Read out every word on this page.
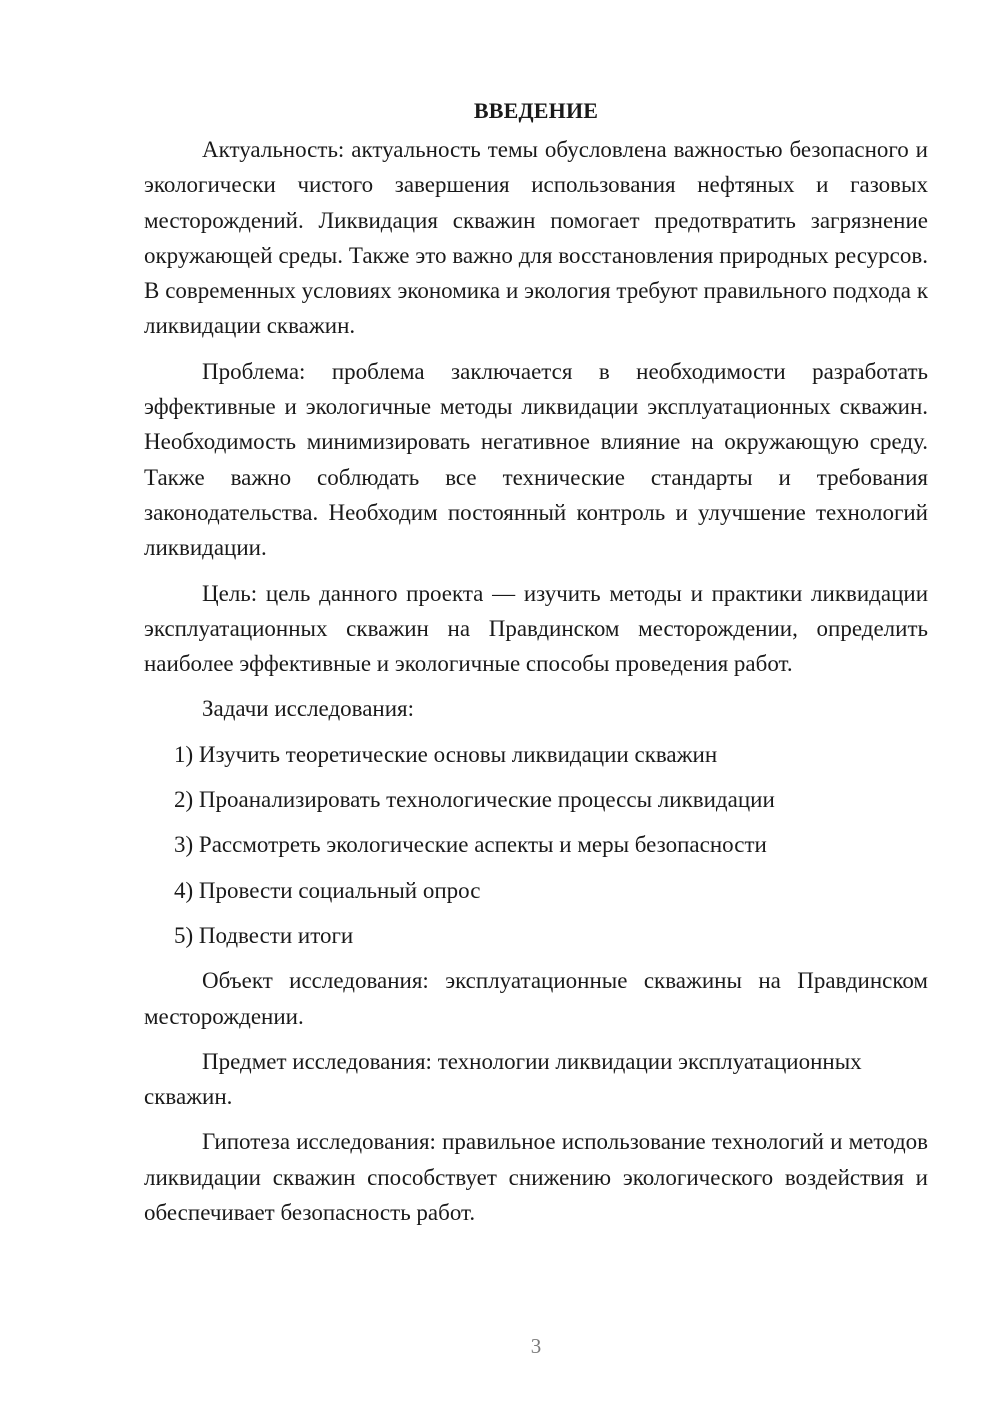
ВВЕДЕНИЕ

Актуальность: актуальность темы обусловлена важностью безопасного и экологически чистого завершения использования нефтяных и газовых месторождений. Ликвидация скважин помогает предотвратить загрязнение окружающей среды. Также это важно для восстановления природных ресурсов. В современных условиях экономика и экология требуют правильного подхода к ликвидации скважин.

Проблема: проблема заключается в необходимости разработать эффективные и экологичные методы ликвидации эксплуатационных скважин. Необходимость минимизировать негативное влияние на окружающую среду. Также важно соблюдать все технические стандарты и требования законодательства. Необходим постоянный контроль и улучшение технологий ликвидации.

Цель: цель данного проекта — изучить методы и практики ликвидации эксплуатационных скважин на Правдинском месторождении, определить наиболее эффективные и экологичные способы проведения работ.

Задачи исследования:

1) Изучить теоретические основы ликвидации скважин
2) Проанализировать технологические процессы ликвидации
3) Рассмотреть экологические аспекты и меры безопасности
4) Провести социальный опрос
5) Подвести итоги

Объект исследования: эксплуатационные скважины на Правдинском месторождении.

Предмет исследования: технологии ликвидации эксплуатационных скважин.

Гипотеза исследования: правильное использование технологий и методов ликвидации скважин способствует снижению экологического воздействия и обеспечивает безопасность работ.

3
